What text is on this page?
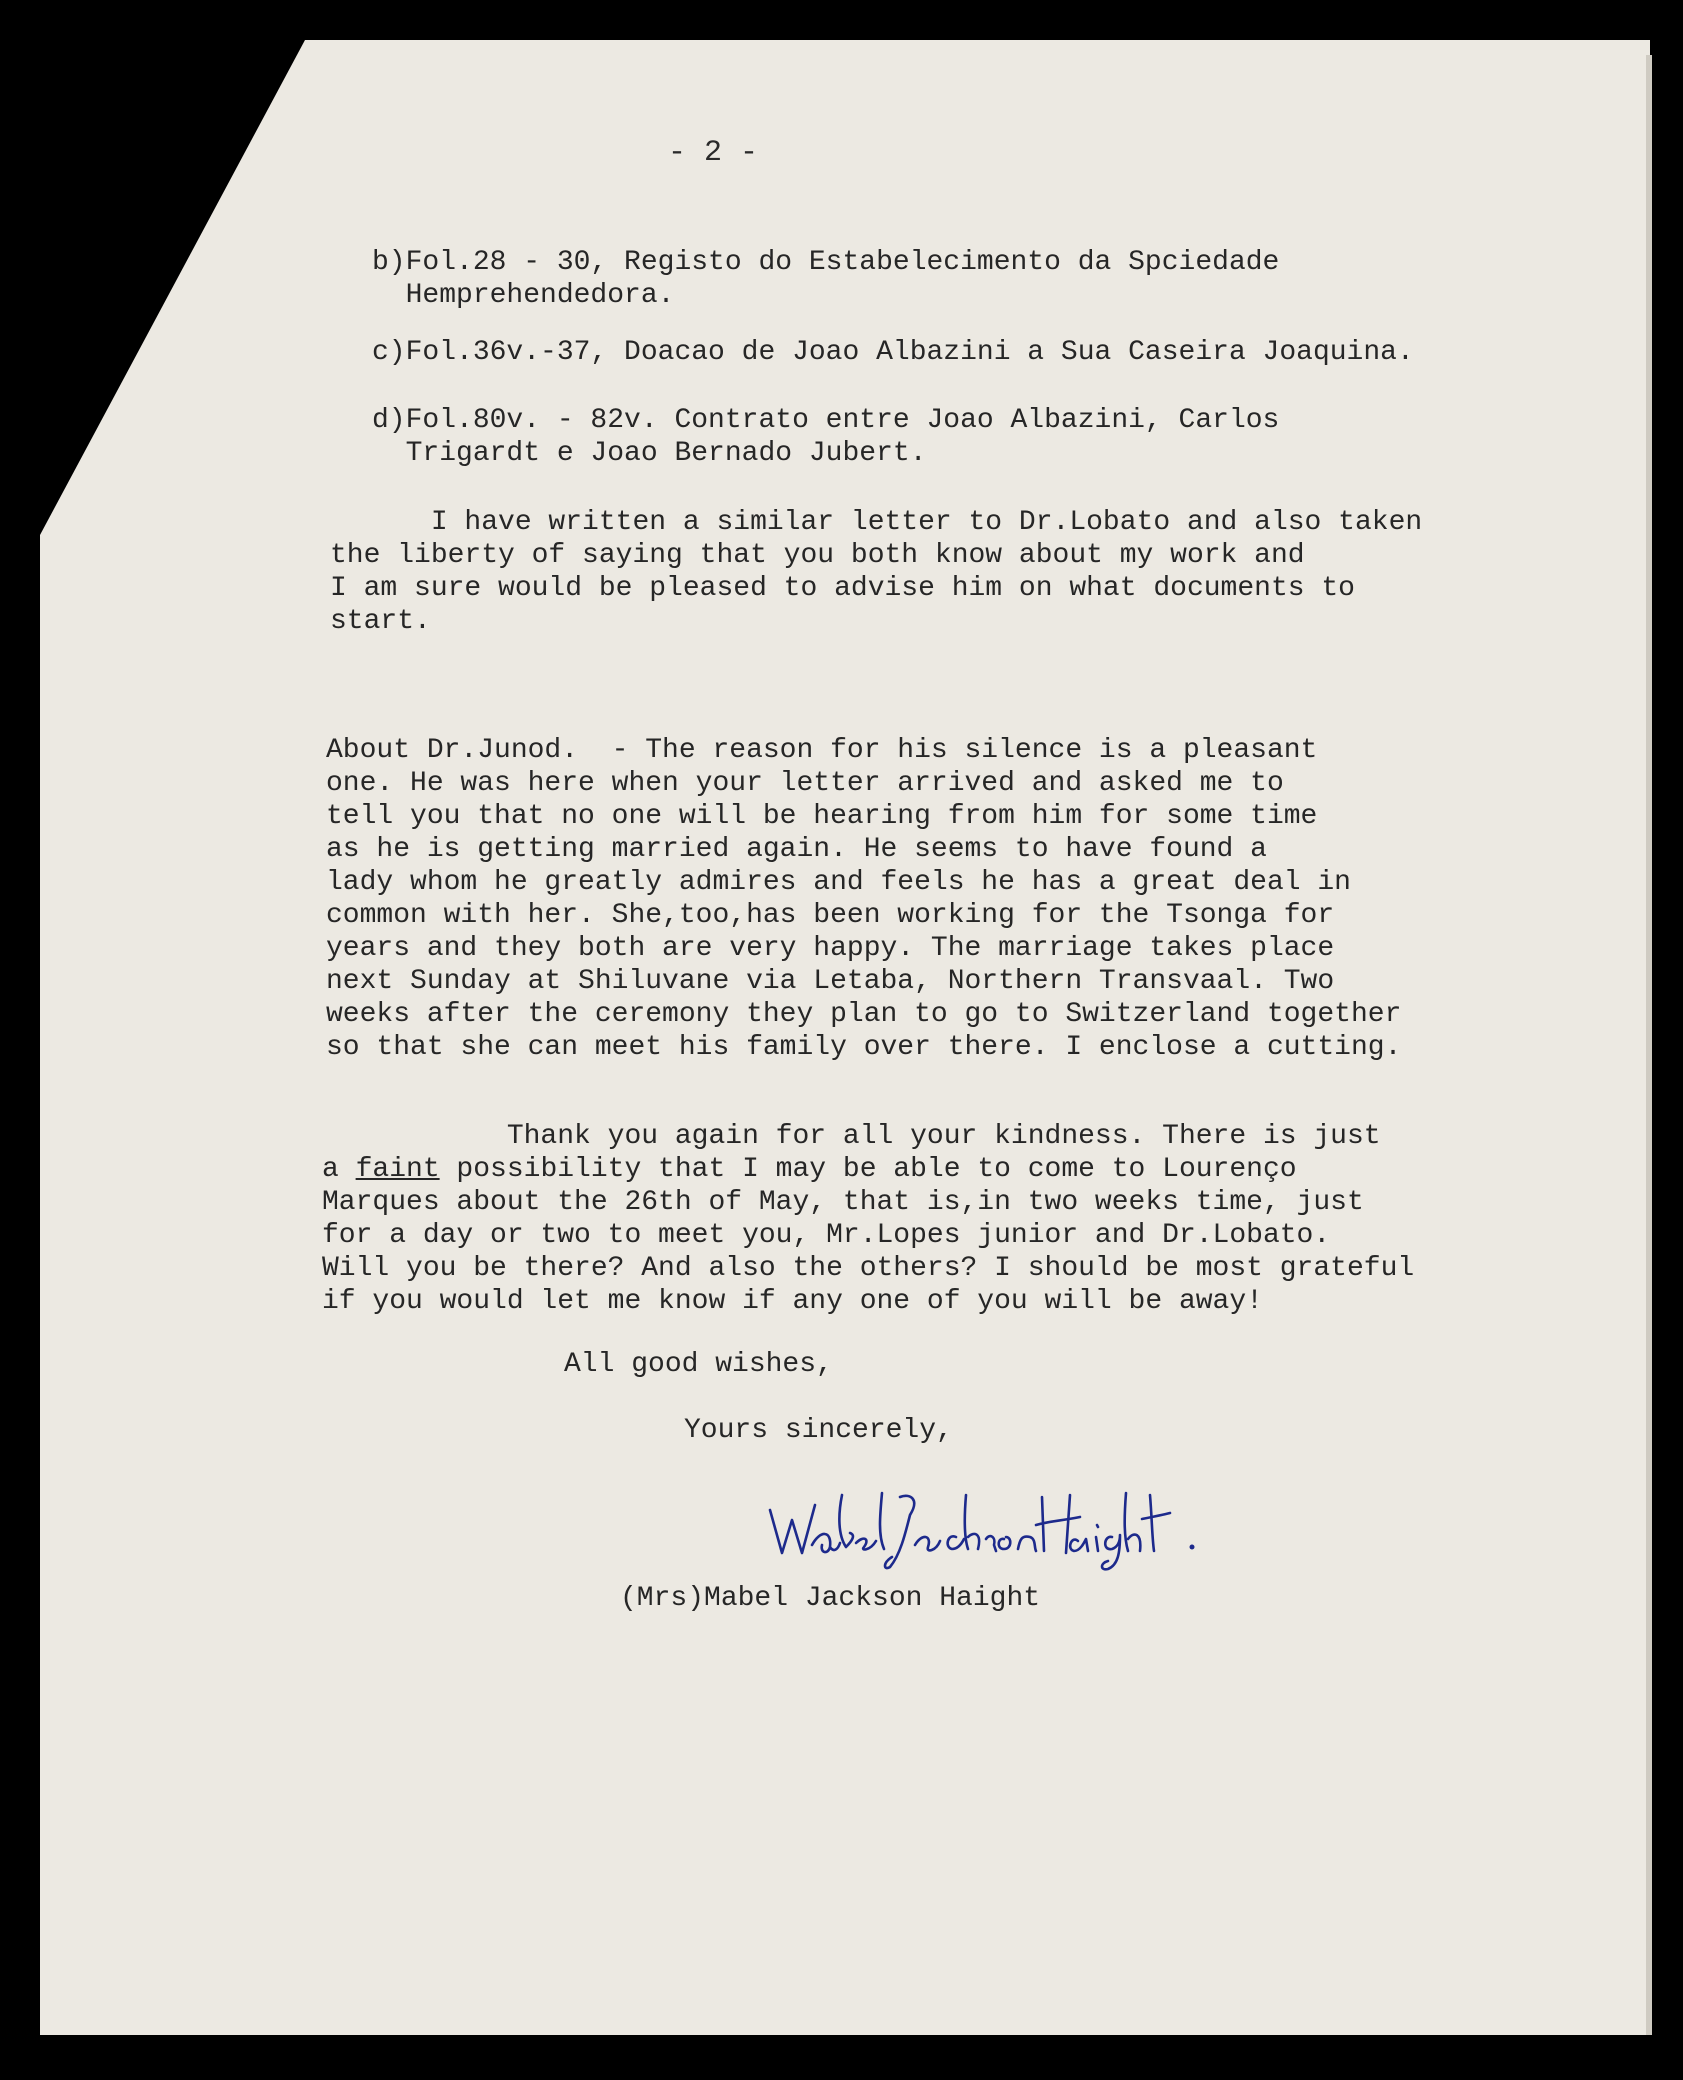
- 2 -

b)Fol.28 - 30, Registo do Estabelecimento da Spciedade

Hemprehendedora.

c)Fol.36v.-37, Doacao de Joao Albazini a Sua Caseira Joaquina.

d)Fol.80v. - 82v. Contrato entre Joao Albazini, Carlos

Trigardt e Joao Bernado Jubert.

I have written a similar letter to Dr.Lobato and also taken

the liberty of saying that you both know about my work and

I am sure would be pleased to advise him on what documents to

start.

About Dr.Junod.  - The reason for his silence is a pleasant

one. He was here when your letter arrived and asked me to

tell you that no one will be hearing from him for some time

as he is getting married again. He seems to have found a

lady whom he greatly admires and feels he has a great deal in

common with her. She,too,has been working for the Tsonga for

years and they both are very happy. The marriage takes place

next Sunday at Shiluvane via Letaba, Northern Transvaal. Two

weeks after the ceremony they plan to go to Switzerland together

so that she can meet his family over there. I enclose a cutting.

Thank you again for all your kindness. There is just

a faint possibility that I may be able to come to Lourenço

Marques about the 26th of May, that is,in two weeks time, just

for a day or two to meet you, Mr.Lopes junior and Dr.Lobato.

Will you be there? And also the others? I should be most grateful

if you would let me know if any one of you will be away!

All good wishes,

Yours sincerely,

(Mrs)Mabel Jackson Haight
